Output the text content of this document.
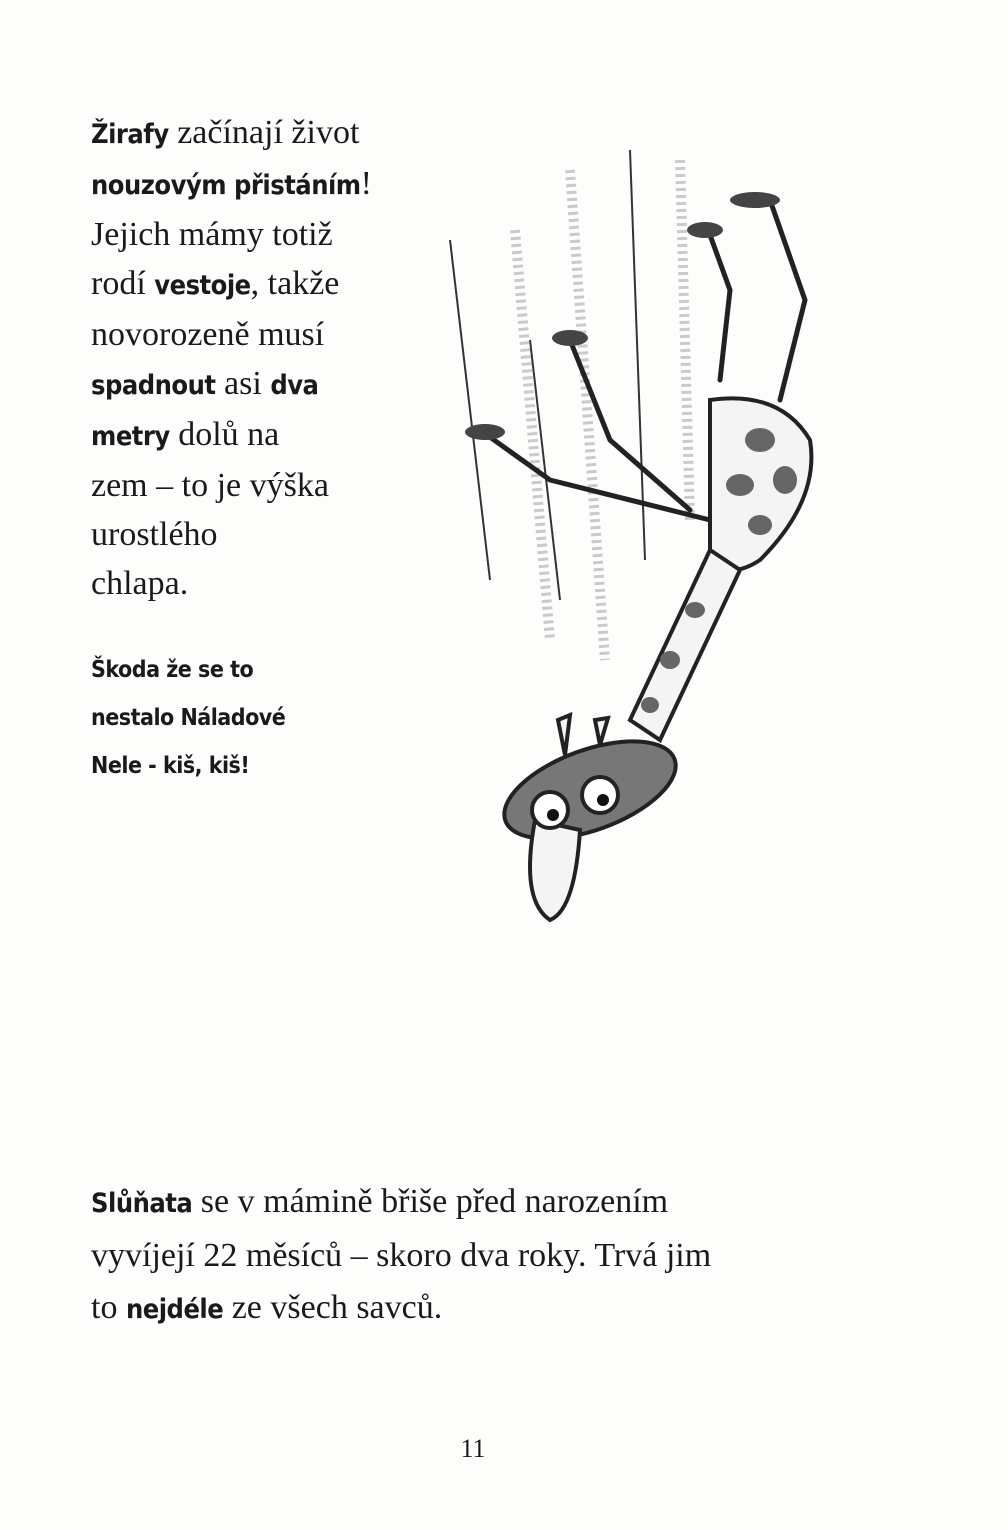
Žirafy začínají život
nouzovým přistáním!
Jejich mámy totiž
rodí vestoje, takže
novorozeně musí
spadnout asi dva
metry dolů na
zem – to je výška
urostlého
chlapa.
Škoda že se to
nestalo Náladové
Nele - kiš, kiš!
Slůňata se v mámině břiše před narozením
vyvíjejí 22 měsíců – skoro dva roky. Trvá jim
to nejdéle ze všech savců.
11
